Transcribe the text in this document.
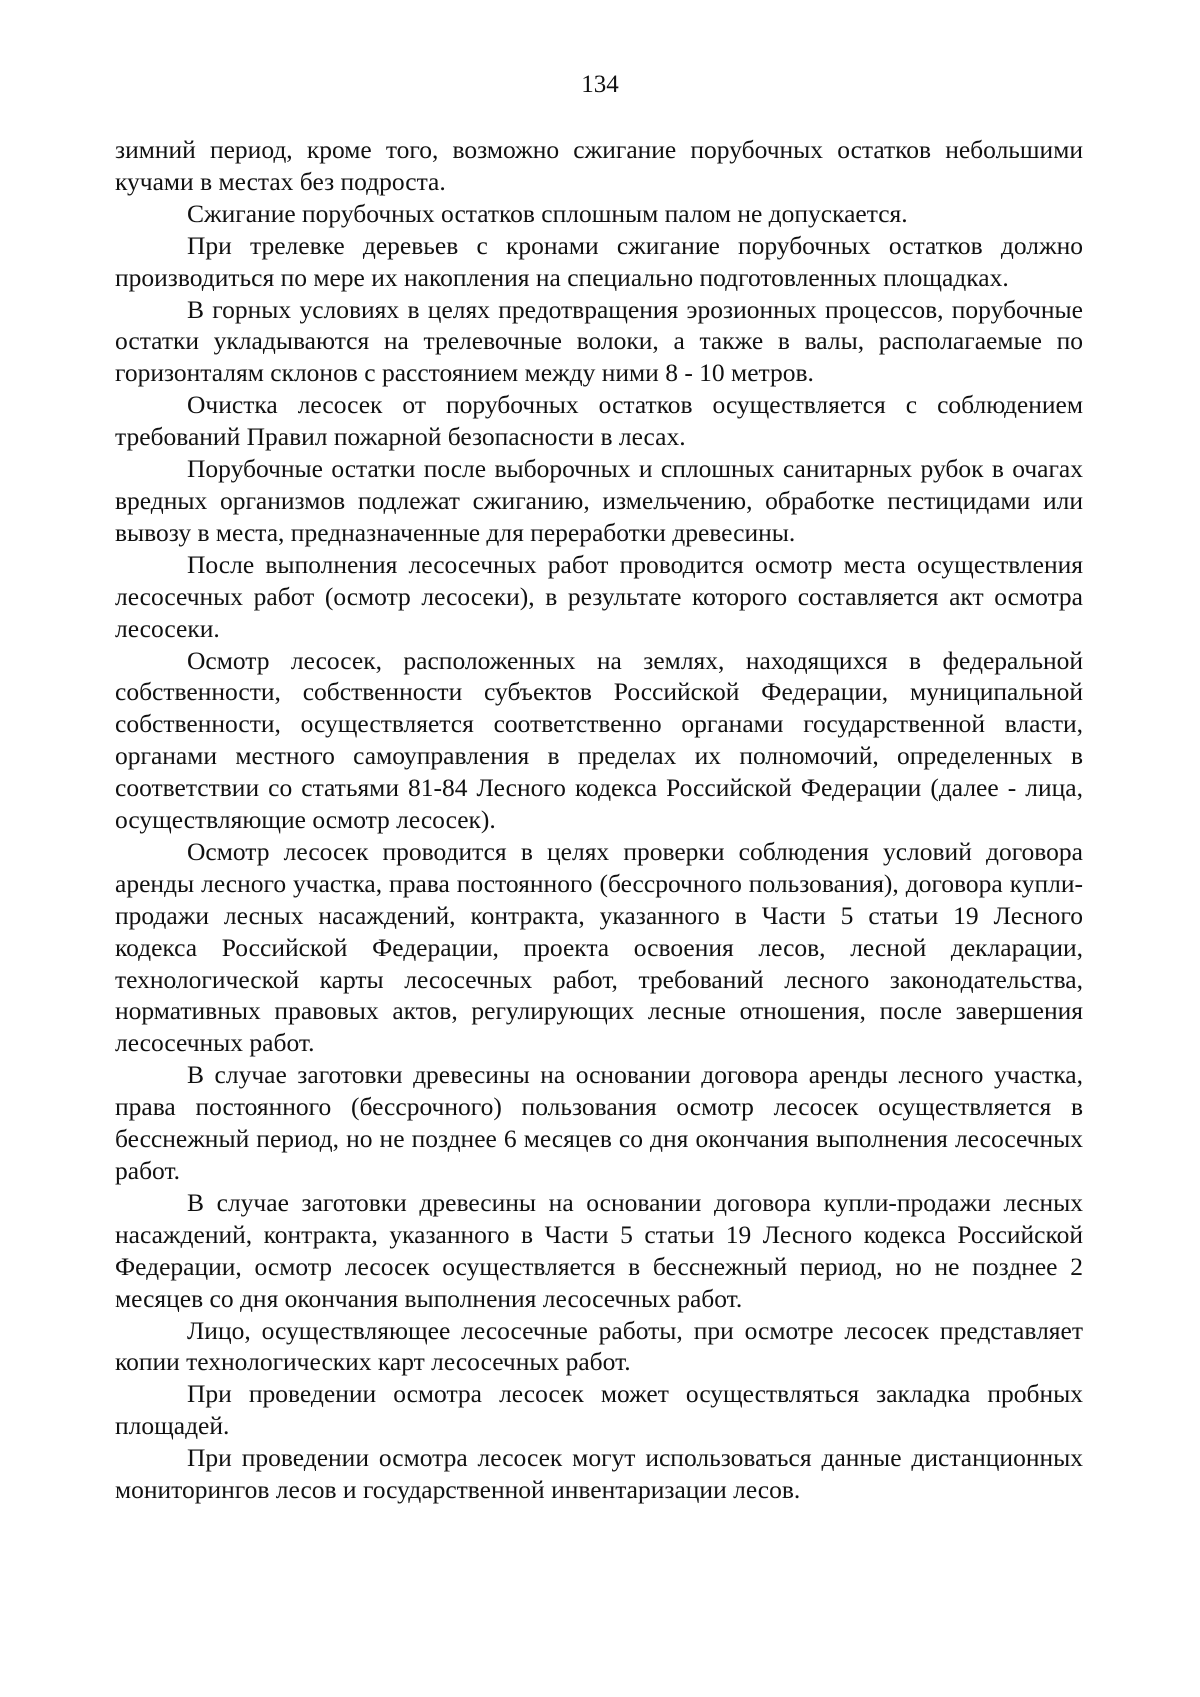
134

зимний период, кроме того, возможно сжигание порубочных остатков небольшими кучами в местах без подроста.

Сжигание порубочных остатков сплошным палом не допускается.

При трелевке деревьев с кронами сжигание порубочных остатков должно производиться по мере их накопления на специально подготовленных площадках.

В горных условиях в целях предотвращения эрозионных процессов, порубочные остатки укладываются на трелевочные волоки, а также в валы, располагаемые по горизонталям склонов с расстоянием между ними 8 - 10 метров.

Очистка лесосек от порубочных остатков осуществляется с соблюдением требований Правил пожарной безопасности в лесах.

Порубочные остатки после выборочных и сплошных санитарных рубок в очагах вредных организмов подлежат сжиганию, измельчению, обработке пестицидами или вывозу в места, предназначенные для переработки древесины.

После выполнения лесосечных работ проводится осмотр места осуществления лесосечных работ (осмотр лесосеки), в результате которого составляется акт осмотра лесосеки.

Осмотр лесосек, расположенных на землях, находящихся в федеральной собственности, собственности субъектов Российской Федерации, муниципальной собственности, осуществляется соответственно органами государственной власти, органами местного самоуправления в пределах их полномочий, определенных в соответствии со статьями 81-84 Лесного кодекса Российской Федерации (далее - лица, осуществляющие осмотр лесосек).

Осмотр лесосек проводится в целях проверки соблюдения условий договора аренды лесного участка, права постоянного (бессрочного пользования), договора купли-продажи лесных насаждений, контракта, указанного в Части 5 статьи 19 Лесного кодекса Российской Федерации, проекта освоения лесов, лесной декларации, технологической карты лесосечных работ, требований лесного законодательства, нормативных правовых актов, регулирующих лесные отношения, после завершения лесосечных работ.

В случае заготовки древесины на основании договора аренды лесного участка, права постоянного (бессрочного) пользования осмотр лесосек осуществляется в бесснежный период, но не позднее 6 месяцев со дня окончания выполнения лесосечных работ.

В случае заготовки древесины на основании договора купли-продажи лесных насаждений, контракта, указанного в Части 5 статьи 19 Лесного кодекса Российской Федерации, осмотр лесосек осуществляется в бесснежный период, но не позднее 2 месяцев со дня окончания выполнения лесосечных работ.

Лицо, осуществляющее лесосечные работы, при осмотре лесосек представляет копии технологических карт лесосечных работ.

При проведении осмотра лесосек может осуществляться закладка пробных площадей.

При проведении осмотра лесосек могут использоваться данные дистанционных мониторингов лесов и государственной инвентаризации лесов.
